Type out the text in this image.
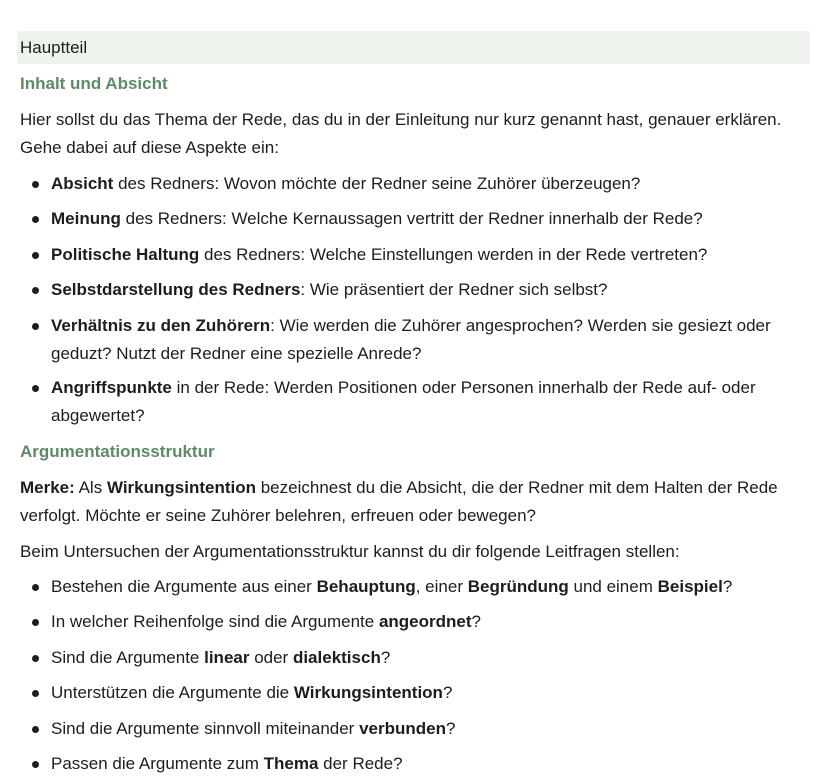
Hauptteil
Inhalt und Absicht

Hier sollst du das Thema der Rede, das du in der Einleitung nur kurz genannt hast, genauer erklären. Gehe dabei auf diese Aspekte ein:

Absicht des Redners: Wovon möchte der Redner seine Zuhörer überzeugen?
Meinung des Redners: Welche Kernaussagen vertritt der Redner innerhalb der Rede?
Politische Haltung des Redners: Welche Einstellungen werden in der Rede vertreten?
Selbstdarstellung des Redners: Wie präsentiert der Redner sich selbst?
Verhältnis zu den Zuhörern: Wie werden die Zuhörer angesprochen? Werden sie gesiezt oder geduzt? Nutzt der Redner eine spezielle Anrede?
Angriffspunkte in der Rede: Werden Positionen oder Personen innerhalb der Rede auf- oder abgewertet?
Argumentationsstruktur

Merke: Als Wirkungsintention bezeichnest du die Absicht, die der Redner mit dem Halten der Rede verfolgt. Möchte er seine Zuhörer belehren, erfreuen oder bewegen?

Beim Untersuchen der Argumentationsstruktur kannst du dir folgende Leitfragen stellen:

Bestehen die Argumente aus einer Behauptung, einer Begründung und einem Beispiel?
In welcher Reihenfolge sind die Argumente angeordnet?
Sind die Argumente linear oder dialektisch?
Unterstützen die Argumente die Wirkungsintention?
Sind die Argumente sinnvoll miteinander verbunden?
Passen die Argumente zum Thema der Rede?
